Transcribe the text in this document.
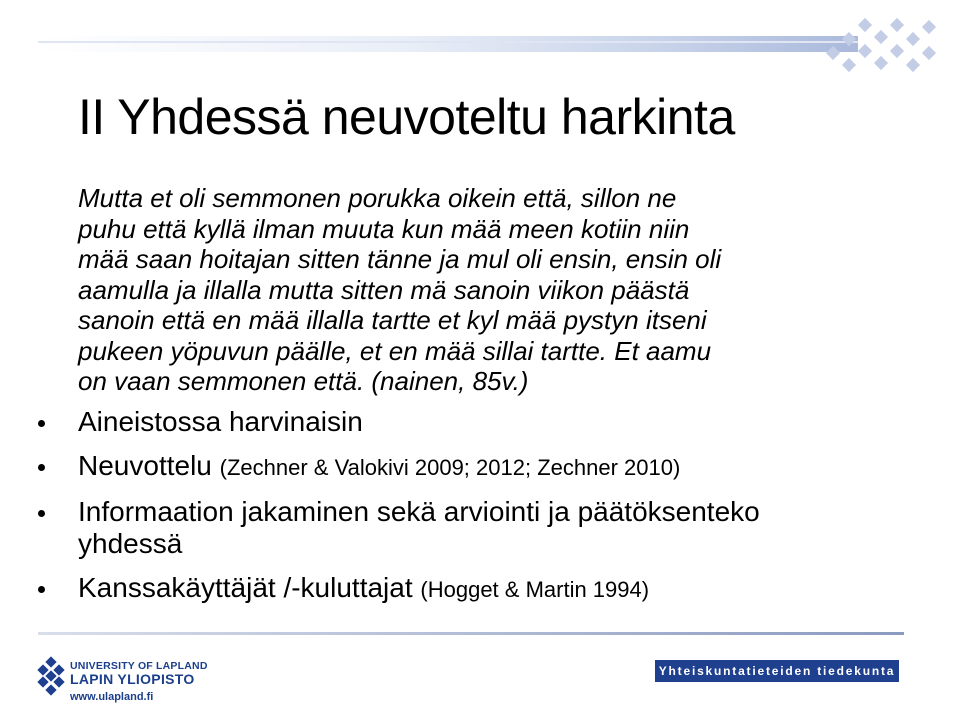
II Yhdessä neuvoteltu harkinta
Mutta et oli semmonen porukka oikein että, sillon ne
puhu että kyllä ilman muuta kun mää meen kotiin niin
mää saan hoitajan sitten tänne ja mul oli ensin, ensin oli
aamulla ja illalla mutta sitten mä sanoin viikon päästä
sanoin että en mää illalla tartte et kyl mää pystyn itseni
pukeen yöpuvun päälle, et en mää sillai tartte. Et aamu
on vaan semmonen että. (nainen, 85v.)
Aineistossa harvinaisin
Neuvottelu (Zechner & Valokivi 2009; 2012; Zechner 2010)
Informaation jakaminen sekä arviointi ja päätöksenteko
yhdessä
Kanssakäyttäjät /-kuluttajat (Hogget & Martin 1994)
UNIVERSITY OF LAPLAND
LAPIN YLIOPISTO
www.ulapland.fi
Yhteiskuntatieteiden tiedekunta
